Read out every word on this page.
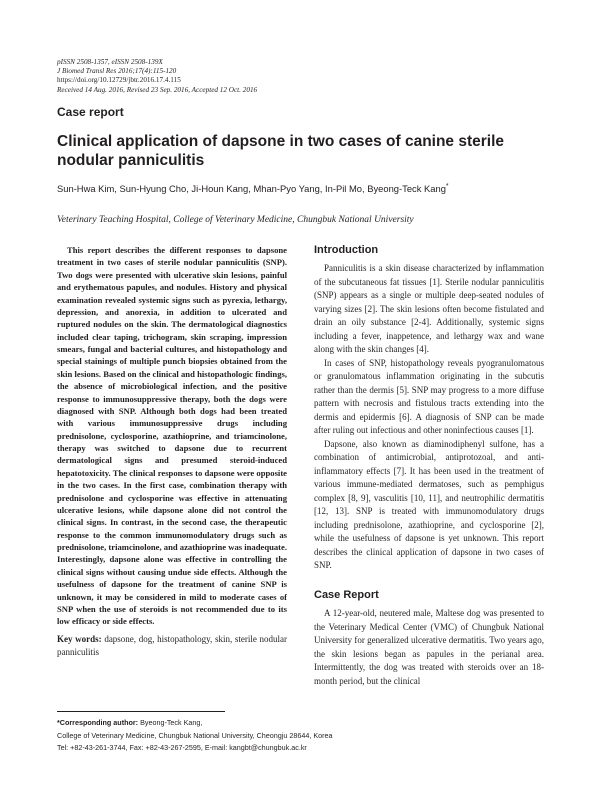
pISSN 2508-1357, eISSN 2508-139X
J Biomed Transl Res 2016;17(4):115-120
https://doi.org/10.12729/jbtr.2016.17.4.115
Received 14 Aug. 2016, Revised 23 Sep. 2016, Accepted 12 Oct. 2016
Case report
Clinical application of dapsone in two cases of canine sterile nodular panniculitis
Sun-Hwa Kim, Sun-Hyung Cho, Ji-Houn Kang, Mhan-Pyo Yang, In-Pil Mo, Byeong-Teck Kang*
Veterinary Teaching Hospital, College of Veterinary Medicine, Chungbuk National University
This report describes the different responses to dapsone treatment in two cases of sterile nodular panniculitis (SNP). Two dogs were presented with ulcerative skin lesions, painful and erythematous papules, and nodules. History and physical examination revealed systemic signs such as pyrexia, lethargy, depression, and anorexia, in addition to ulcerated and ruptured nodules on the skin. The dermatological diagnostics included clear taping, trichogram, skin scraping, impression smears, fungal and bacterial cultures, and histopathology and special stainings of multiple punch biopsies obtained from the skin lesions. Based on the clinical and histopathologic findings, the absence of microbiological infection, and the positive response to immunosuppressive therapy, both the dogs were diagnosed with SNP. Although both dogs had been treated with various immunosuppressive drugs including prednisolone, cyclosporine, azathioprine, and triamcinolone, therapy was switched to dapsone due to recurrent dermatological signs and presumed steroid-induced hepatotoxicity. The clinical responses to dapsone were opposite in the two cases. In the first case, combination therapy with prednisolone and cyclosporine was effective in attenuating ulcerative lesions, while dapsone alone did not control the clinical signs. In contrast, in the second case, the therapeutic response to the common immunomodulatory drugs such as prednisolone, triamcinolone, and azathioprine was inadequate. Interestingly, dapsone alone was effective in controlling the clinical signs without causing undue side effects. Although the usefulness of dapsone for the treatment of canine SNP is unknown, it may be considered in mild to moderate cases of SNP when the use of steroids is not recommended due to its low efficacy or side effects.
Key words: dapsone, dog, histopathology, skin, sterile nodular panniculitis
Introduction

Panniculitis is a skin disease characterized by inflammation of the subcutaneous fat tissues [1]. Sterile nodular panniculitis (SNP) appears as a single or multiple deep-seated nodules of varying sizes [2]. The skin lesions often become fistulated and drain an oily substance [2-4]. Additionally, systemic signs including a fever, inappetence, and lethargy wax and wane along with the skin changes [4].

In cases of SNP, histopathology reveals pyogranulomatous or granulomatous inflammation originating in the subcutis rather than the dermis [5]. SNP may progress to a more diffuse pattern with necrosis and fistulous tracts extending into the dermis and epidermis [6]. A diagnosis of SNP can be made after ruling out infectious and other noninfectious causes [1].

Dapsone, also known as diaminodiphenyl sulfone, has a combination of antimicrobial, antiprotozoal, and anti-inflammatory effects [7]. It has been used in the treatment of various immune-mediated dermatoses, such as pemphigus complex [8, 9], vasculitis [10, 11], and neutrophilic dermatitis [12, 13]. SNP is treated with immunomodulatory drugs including prednisolone, azathioprine, and cyclosporine [2], while the usefulness of dapsone is yet unknown. This report describes the clinical application of dapsone in two cases of SNP.

Case Report

A 12-year-old, neutered male, Maltese dog was presented to the Veterinary Medical Center (VMC) of Chungbuk National University for generalized ulcerative dermatitis. Two years ago, the skin lesions began as papules in the perianal area. Intermittently, the dog was treated with steroids over an 18-month period, but the clinical

*Corresponding author: Byeong-Teck Kang,
College of Veterinary Medicine, Chungbuk National University, Cheongju 28644, Korea
Tel: +82-43-261-3744, Fax: +82-43-267-2595, E-mail: kangbt@chungbuk.ac.kr
